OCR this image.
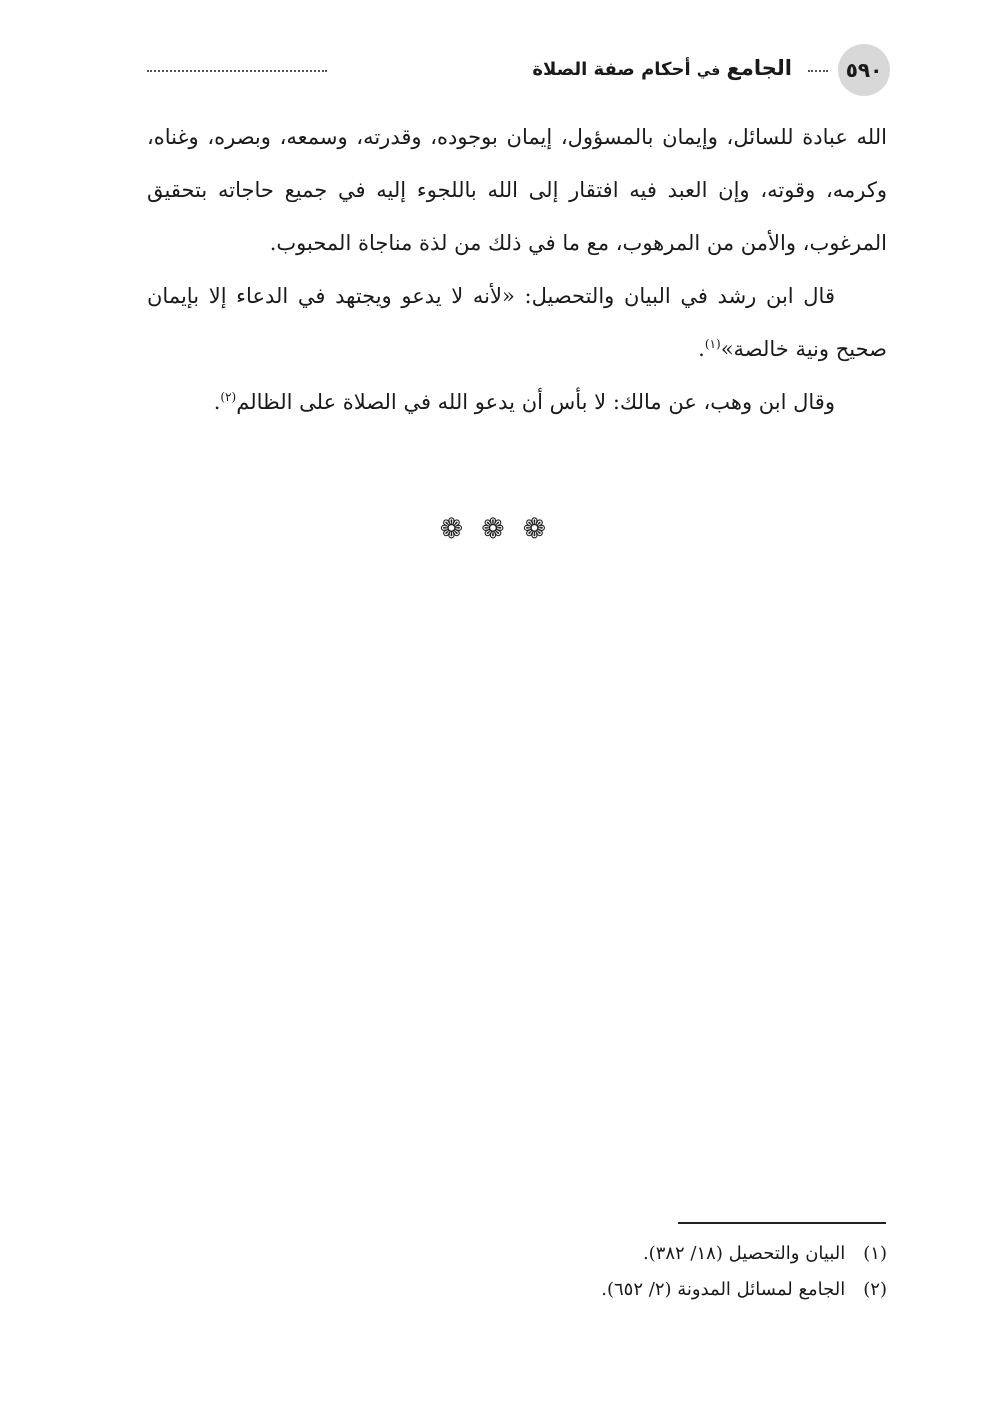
٥٩٠
الجامع في أحكام صفة الصلاة

الله عبادة للسائل، وإيمان بالمسؤول، إيمان بوجوده، وقدرته، وسمعه، وبصره، وغناه، وكرمه، وقوته، وإن العبد فيه افتقار إلى الله باللجوء إليه في جميع حاجاته بتحقيق المرغوب، والأمن من المرهوب، مع ما في ذلك من لذة مناجاة المحبوب.

قال ابن رشد في البيان والتحصيل: «لأنه لا يدعو ويجتهد في الدعاء إلا بإيمان صحيح ونية خالصة»$^{(١)}$.

وقال ابن وهب، عن مالك: لا بأس أن يدعو الله في الصلاة على الظالم$^{(٢)}$.

❁❁❁

(١)البيان والتحصيل (١٨/ ٣٨٢).

(٢)الجامع لمسائل المدونة (٢/ ٦٥٢).
